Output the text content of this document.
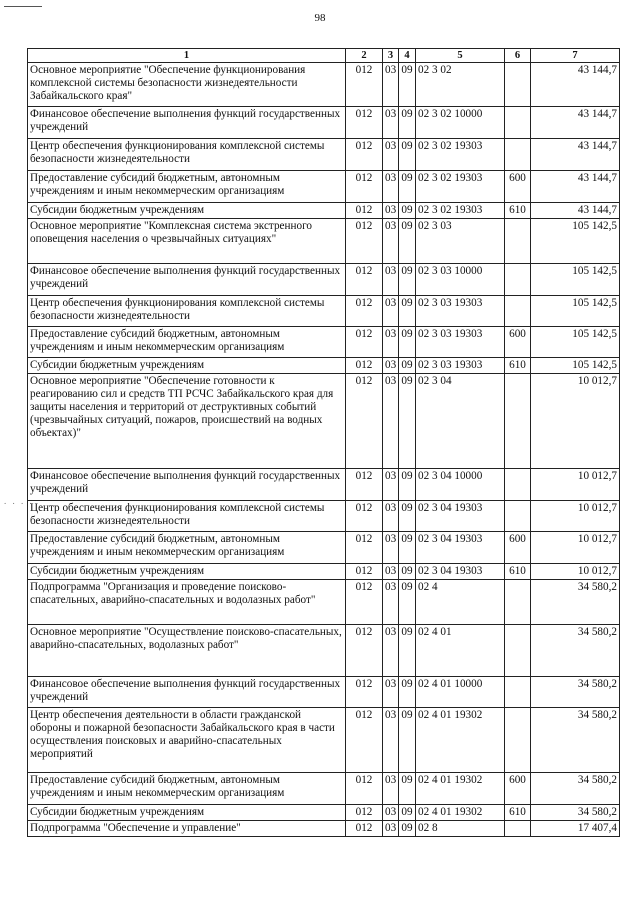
98
. . . .
1	2	3	4	5	6	7
Основное мероприятие "Обеспечение функционирования комплексной системы безопасности жизнедеятельности Забайкальского края"	012	03	09	02 3 02		43 144,7
Финансовое обеспечение выполнения функций государственных учреждений	012	03	09	02 3 02 10000		43 144,7
Центр обеспечения функционирования комплексной системы безопасности жизнедеятельности	012	03	09	02 3 02 19303		43 144,7
Предоставление субсидий бюджетным, автономным учреждениям и иным некоммерческим организациям	012	03	09	02 3 02 19303	600	43 144,7
Субсидии бюджетным учреждениям	012	03	09	02 3 02 19303	610	43 144,7
Основное мероприятие "Комплексная система экстренного оповещения населения о чрезвычайных ситуациях"	012	03	09	02 3 03		105 142,5
Финансовое обеспечение выполнения функций государственных учреждений	012	03	09	02 3 03 10000		105 142,5
Центр обеспечения функционирования комплексной системы безопасности жизнедеятельности	012	03	09	02 3 03 19303		105 142,5
Предоставление субсидий бюджетным, автономным учреждениям и иным некоммерческим организациям	012	03	09	02 3 03 19303	600	105 142,5
Субсидии бюджетным учреждениям	012	03	09	02 3 03 19303	610	105 142,5
Основное мероприятие "Обеспечение готовности к реагированию сил и средств ТП РСЧС Забайкальского края для защиты населения и территорий от деструктивных событий (чрезвычайных ситуаций, пожаров, происшествий на водных объектах)"	012	03	09	02 3 04		10 012,7
Финансовое обеспечение выполнения функций государственных учреждений	012	03	09	02 3 04 10000		10 012,7
Центр обеспечения функционирования комплексной системы безопасности жизнедеятельности	012	03	09	02 3 04 19303		10 012,7
Предоставление субсидий бюджетным, автономным учреждениям и иным некоммерческим организациям	012	03	09	02 3 04 19303	600	10 012,7
Субсидии бюджетным учреждениям	012	03	09	02 3 04 19303	610	10 012,7
Подпрограмма "Организация и проведение поисково-спасательных, аварийно-спасательных и водолазных работ"	012	03	09	02 4		34 580,2
Основное мероприятие "Осуществление поисково-спасательных, аварийно-спасательных, водолазных работ"	012	03	09	02 4 01		34 580,2
Финансовое обеспечение выполнения функций государственных учреждений	012	03	09	02 4 01 10000		34 580,2
Центр обеспечения деятельности в области гражданской обороны и пожарной безопасности Забайкальского края в части осуществления поисковых и аварийно-спасательных мероприятий	012	03	09	02 4 01 19302		34 580,2
Предоставление субсидий бюджетным, автономным учреждениям и иным некоммерческим организациям	012	03	09	02 4 01 19302	600	34 580,2
Субсидии бюджетным учреждениям	012	03	09	02 4 01 19302	610	34 580,2
Подпрограмма "Обеспечение и управление"	012	03	09	02 8		17 407,4
